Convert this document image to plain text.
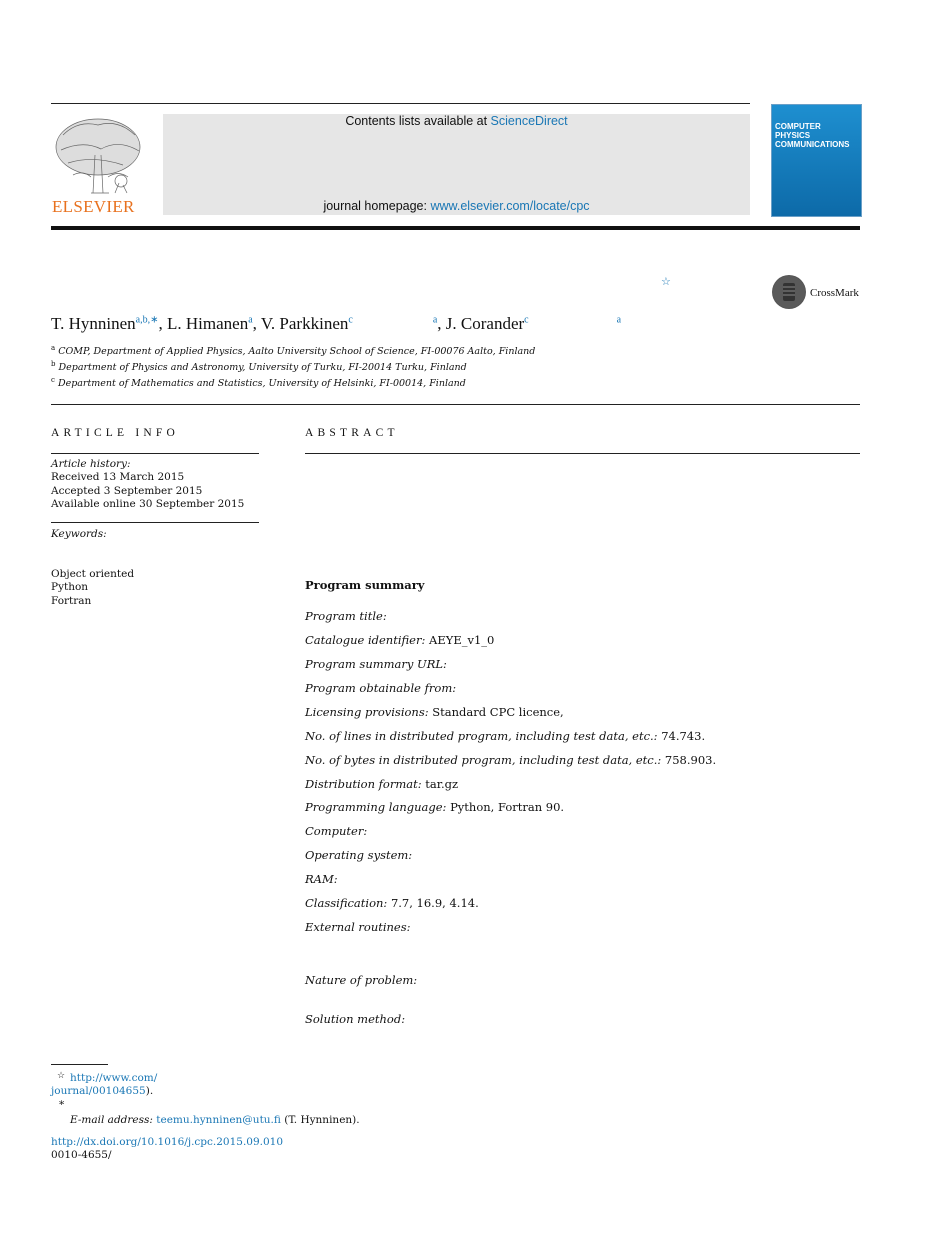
ELSEVIER
Contents lists available at ScienceDirect
journal homepage: www.elsevier.com/locate/cpc
COMPUTER PHYSICS COMMUNICATIONS
☆
CrossMark
T. Hynninen$^{a,b,∗}$, L. Himanen$^a$, V. Parkkinen$^c$	$^a$, J. Corander$^c$	$^a$
$^a$ COMP, Department of Applied Physics, Aalto University School of Science, FI-00076 Aalto, Finland
$^b$ Department of Physics and Astronomy, University of Turku, FI-20014 Turku, Finland
$^c$ Department of Mathematics and Statistics, University of Helsinki, FI-00014, Finland
ARTICLE INFO
Article history:
Received 13 March 2015
Accepted 3 September 2015
Available online 30 September 2015
Keywords:
Object oriented
Python
Fortran
ABSTRACT
Program summary
Program title:
Catalogue identifier: AEYE_v1_0
Program summary URL:
Program obtainable from:
Licensing provisions: Standard CPC licence,
No. of lines in distributed program, including test data, etc.: 74.743.
No. of bytes in distributed program, including test data, etc.: 758.903.
Distribution format: tar.gz
Programming language: Python, Fortran 90.
Computer:
Operating system:
RAM:
Classification: 7.7, 16.9, 4.14.
External routines:
Nature of problem:
Solution method:
☆ http://www.com/
journal/00104655).
∗
E-mail address: teemu.hynninen@utu.fi (T. Hynninen).
http://dx.doi.org/10.1016/j.cpc.2015.09.010
0010-4655/
